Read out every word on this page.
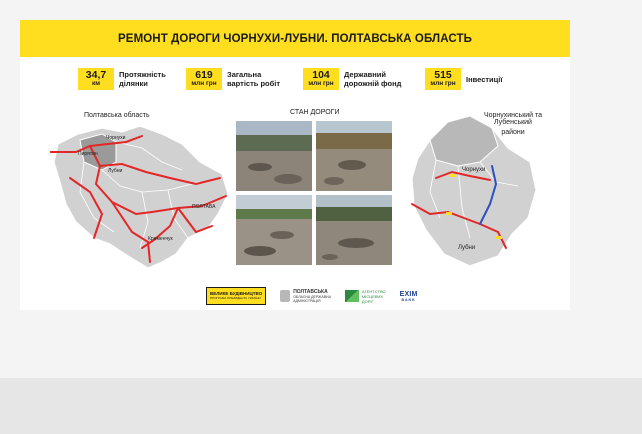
РЕМОНТ ДОРОГИ ЧОРНУХИ-ЛУБНИ. ПОЛТАВСЬКА ОБЛАСТЬ
34,7
км
Протяжність
ділянки
619
млн грн
Загальна
вартість робіт
104
млн грн
Державний
дорожній фонд
515
млн грн Інвестиції
Полтавська область
Чорнухи
Пирятин
Лубни
ПОЛТАВА
Кременчук
СТАН ДОРОГИ	Чорнухинський та
Лубенський
райони
Чорнухи
Лубни
ВЕЛИКЕ БУДІВНИЦТВО
ПРОГРАМА ПРЕЗИДЕНТА УКРАЇНИ
ПОЛТАВСЬКА
ОБЛАСНА ДЕРЖАВНА
АДМІНІСТРАЦІЯ
АГЕНТСТВО
МІСЦЕВИХ
ДОРІГ
EXIM
BANK
